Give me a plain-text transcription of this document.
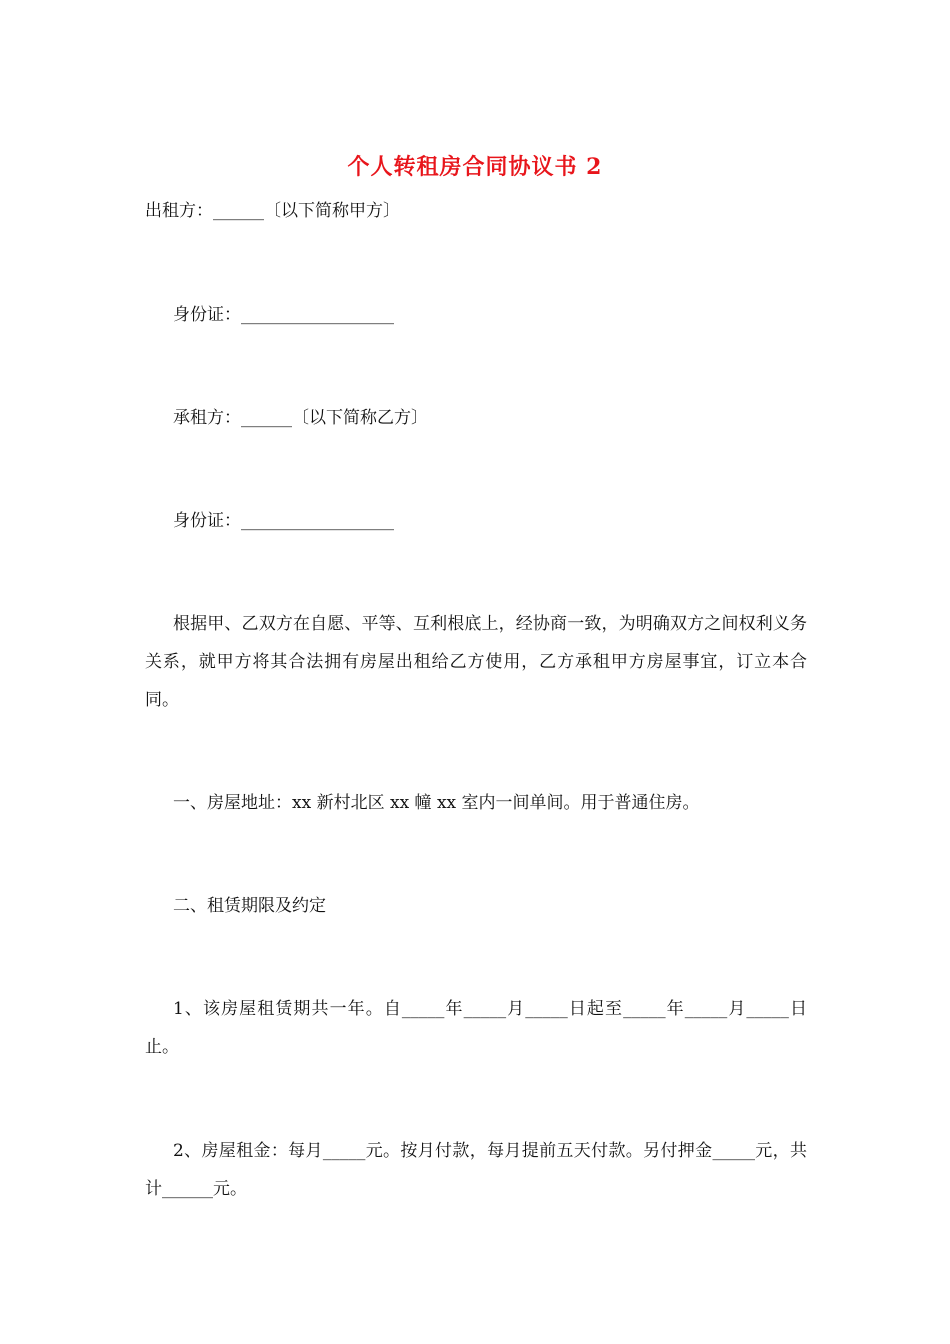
个人转租房合同协议书 2
出租方：______〔以下简称甲方〕
身份证：__________________
承租方：______〔以下简称乙方〕
身份证：__________________
根据甲、乙双方在自愿、平等、互利根底上，经协商一致，为明确双方之间权利义务关系，就甲方将其合法拥有房屋出租给乙方使用，乙方承租甲方房屋事宜，订立本合同。
一、房屋地址：xx 新村北区 xx 幢 xx 室内一间单间。用于普通住房。
二、租赁期限及约定
1、该房屋租赁期共一年。自_____年_____月_____日起至_____年_____月_____日止。
2、房屋租金：每月_____元。按月付款，每月提前五天付款。另付押金_____元，共计______元。
